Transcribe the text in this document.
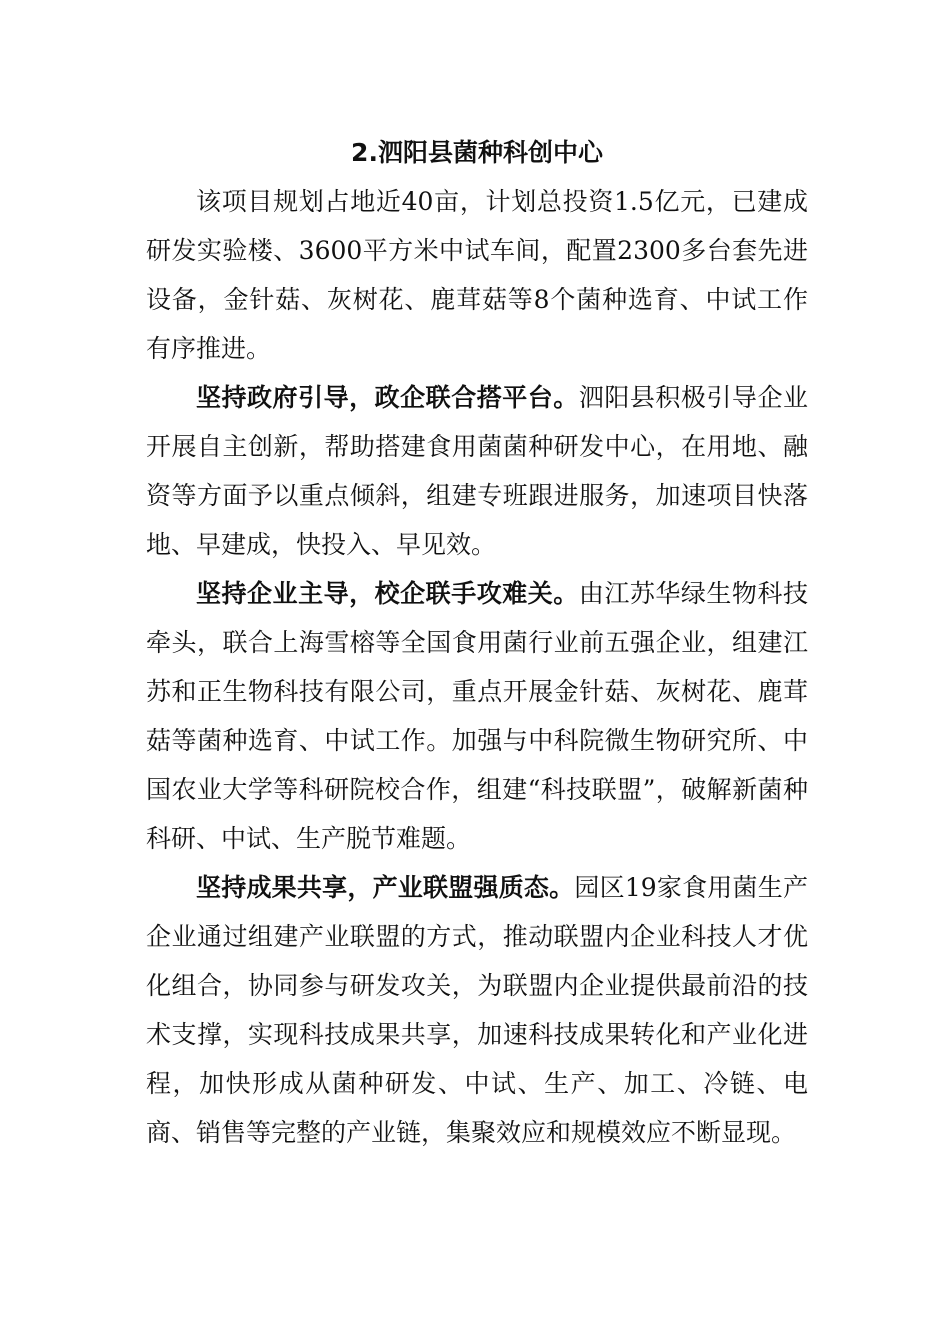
2.泗阳县菌种科创中心

该项目规划占地近40亩，计划总投资1.5亿元，已建成研发实验楼、3600平方米中试车间，配置2300多台套先进设备，金针菇、灰树花、鹿茸菇等8个菌种选育、中试工作有序推进。

坚持政府引导，政企联合搭平台。泗阳县积极引导企业开展自主创新，帮助搭建食用菌菌种研发中心，在用地、融资等方面予以重点倾斜，组建专班跟进服务，加速项目快落地、早建成，快投入、早见效。

坚持企业主导，校企联手攻难关。由江苏华绿生物科技牵头，联合上海雪榕等全国食用菌行业前五强企业，组建江苏和正生物科技有限公司，重点开展金针菇、灰树花、鹿茸菇等菌种选育、中试工作。加强与中科院微生物研究所、中国农业大学等科研院校合作，组建“科技联盟”，破解新菌种科研、中试、生产脱节难题。

坚持成果共享，产业联盟强质态。园区19家食用菌生产企业通过组建产业联盟的方式，推动联盟内企业科技人才优化组合，协同参与研发攻关，为联盟内企业提供最前沿的技术支撑，实现科技成果共享，加速科技成果转化和产业化进程，加快形成从菌种研发、中试、生产、加工、冷链、电商、销售等完整的产业链，集聚效应和规模效应不断显现。
